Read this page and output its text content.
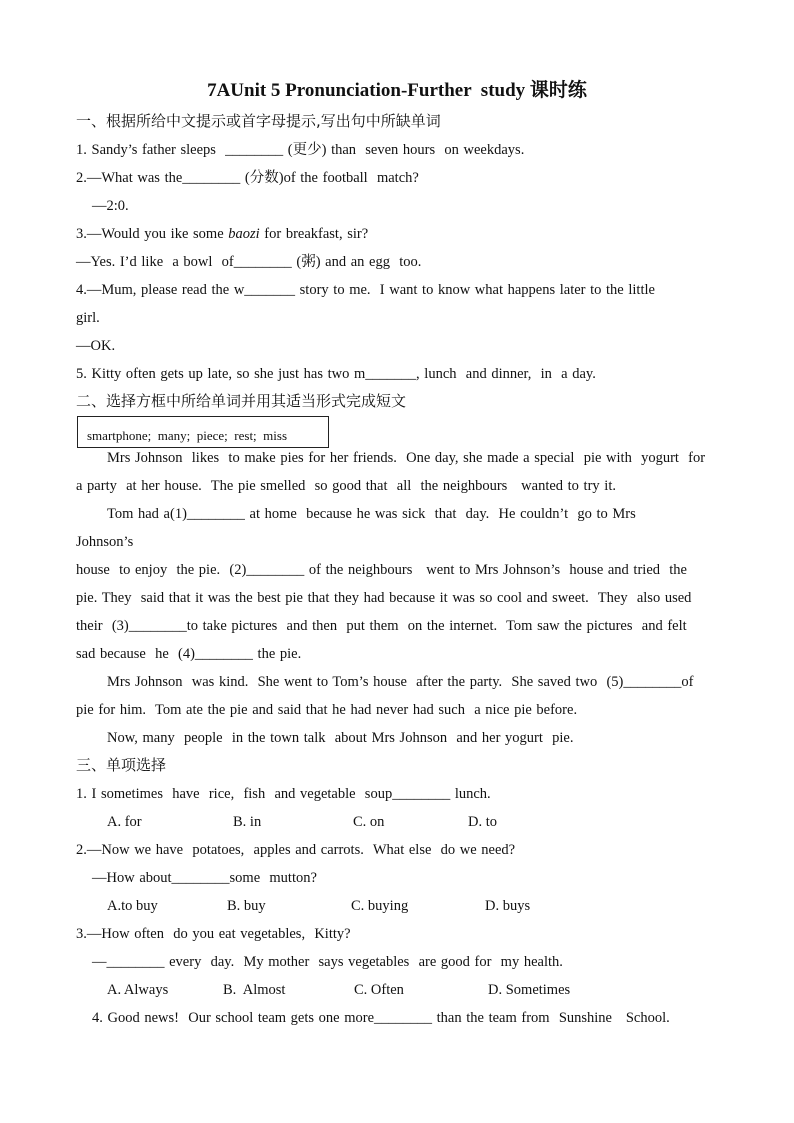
7AUnit 5 Pronunciation-Further  study 课时练
一、根据所给中文提示或首字母提示,写出句中所缺单词
1. Sandy’s father sleeps  ________ (更少) than  seven hours  on weekdays.
2.—What was the________ (分数)of the football  match?
—2:0.
3.—Would you ike some baozi for breakfast, sir?
—Yes. I’d like  a bowl  of________ (粥) and an egg  too.
4.—Mum, please read the w_______ story to me.  I want to know what happens later to the little
girl.
—OK.
5. Kitty often gets up late, so she just has two m_______, lunch  and dinner,  in  a day.
二、选择方框中所给单词并用其适当形式完成短文
smartphone;  many;  piece;  rest;  miss
Mrs Johnson  likes  to make pies for her friends.  One day, she made a special  pie with  yogurt  for
a party  at her house.  The pie smelled  so good that  all  the neighbours   wanted to try it.
Tom had a(1)________ at home  because he was sick  that  day.  He couldn’t  go to Mrs
Johnson’s
house  to enjoy  the pie.  (2)________ of the neighbours   went to Mrs Johnson’s  house and tried  the
pie. They  said that it was the best pie that they had because it was so cool and sweet.  They  also used
their  (3)________to take pictures  and then  put them  on the internet.  Tom saw the pictures  and felt
sad because  he  (4)________ the pie.
Mrs Johnson  was kind.  She went to Tom’s house  after the party.  She saved two  (5)________of
pie for him.  Tom ate the pie and said that he had never had such  a nice pie before.
Now, many  people  in the town talk  about Mrs Johnson  and her yogurt  pie.
三、单项选择
1. I sometimes  have  rice,  fish  and vegetable  soup________ lunch.
A. for	B. in	C. on	D. to
2.—Now we have  potatoes,  apples and carrots.  What else  do we need?
—How about________some  mutton?
A.to buy	B. buy	C. buying	D. buys
3.—How often  do you eat vegetables,  Kitty?
—________ every  day.  My mother  says vegetables  are good for  my health.
A. Always	B.  Almost	C. Often	D. Sometimes
4. Good news!  Our school team gets one more________ than the team from  Sunshine   School.
